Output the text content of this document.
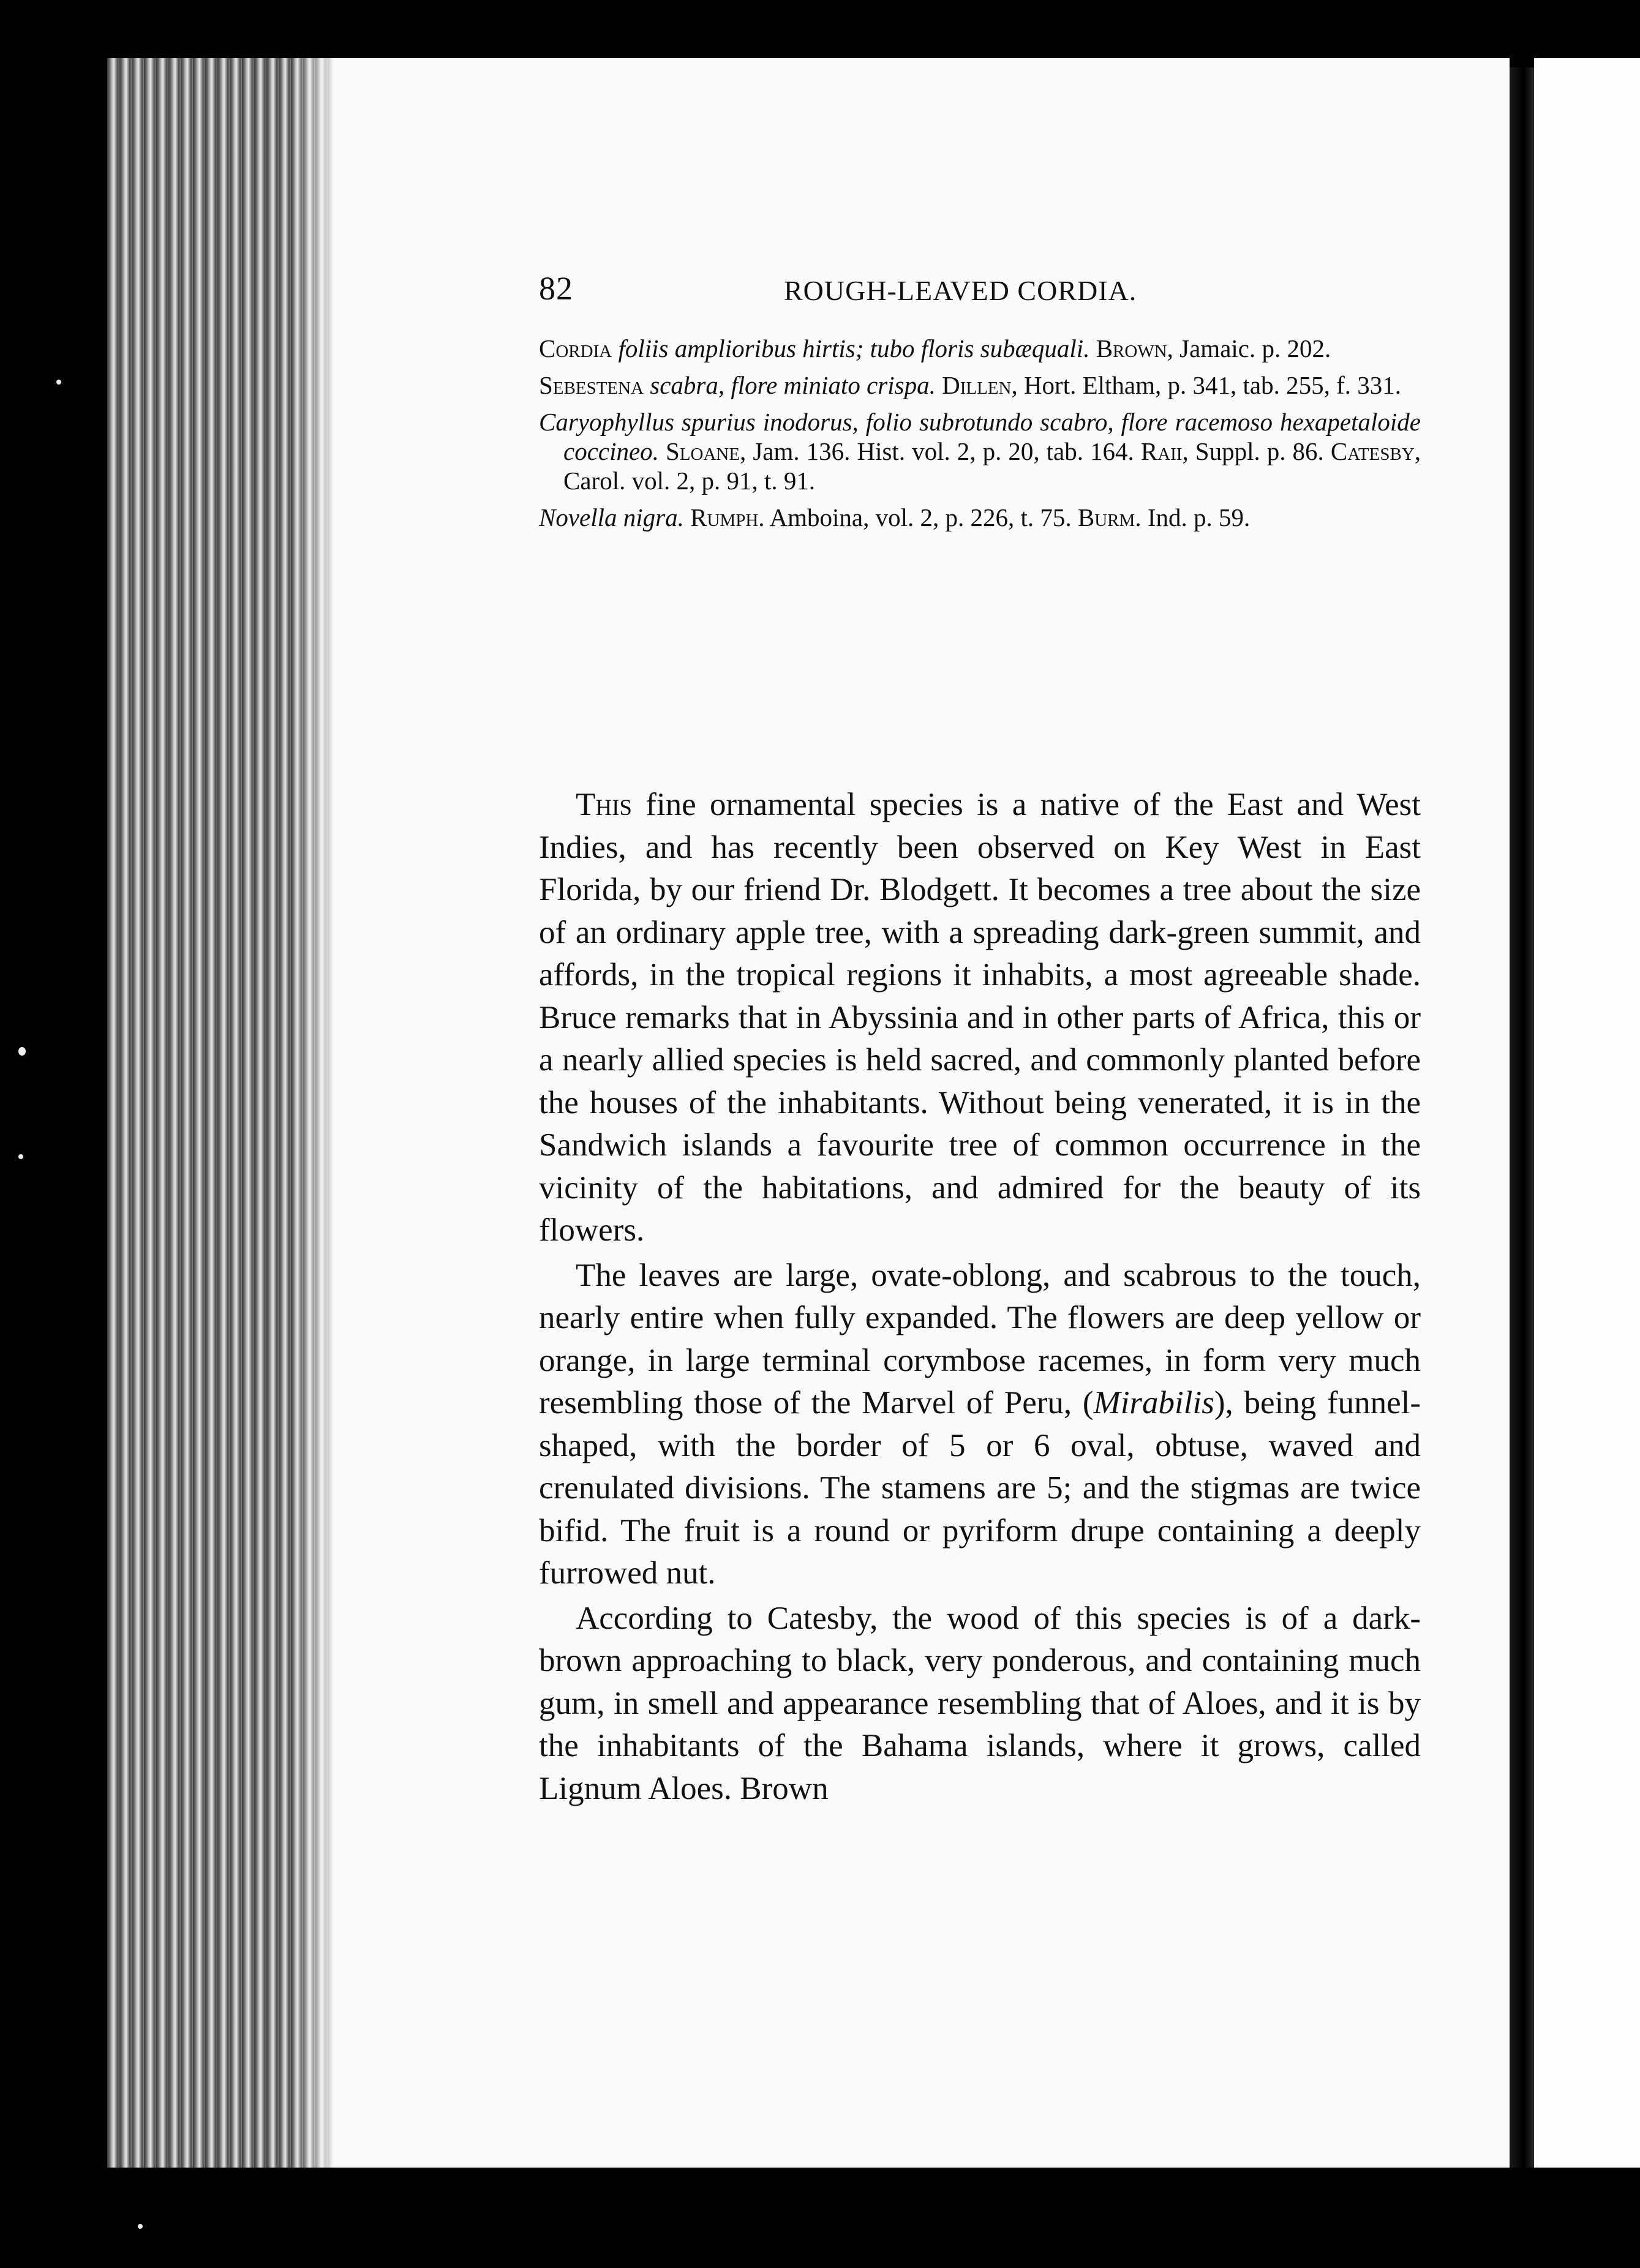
82	ROUGH-LEAVED CORDIA.
Cordia foliis amplioribus hirtis; tubo floris subæquali. Brown, Jamaic. p. 202.
Sebestena scabra, flore miniato crispa. Dillen, Hort. Eltham, p. 341, tab. 255, f. 331.
Caryophyllus spurius inodorus, folio subrotundo scabro, flore racemoso hexapetaloide coccineo. Sloane, Jam. 136. Hist. vol. 2, p. 20, tab. 164. Raii, Suppl. p. 86. Catesby, Carol. vol. 2, p. 91, t. 91.
Novella nigra. Rumph. Amboina, vol. 2, p. 226, t. 75. Burm. Ind. p. 59.

This fine ornamental species is a native of the East and West Indies, and has recently been observed on Key West in East Florida, by our friend Dr. Blodgett. It becomes a tree about the size of an ordinary apple tree, with a spreading dark-green summit, and affords, in the tropical regions it inhabits, a most agreeable shade. Bruce remarks that in Abyssinia and in other parts of Africa, this or a nearly allied species is held sacred, and commonly planted before the houses of the inhabitants. Without being venerated, it is in the Sandwich islands a favourite tree of common occurrence in the vicinity of the habitations, and admired for the beauty of its flowers.

The leaves are large, ovate-oblong, and scabrous to the touch, nearly entire when fully expanded. The flowers are deep yellow or orange, in large terminal corymbose racemes, in form very much resembling those of the Marvel of Peru, (Mirabilis), being funnel-shaped, with the border of 5 or 6 oval, obtuse, waved and crenulated divisions. The stamens are 5; and the stigmas are twice bifid. The fruit is a round or pyriform drupe containing a deeply furrowed nut.

According to Catesby, the wood of this species is of a dark-brown approaching to black, very ponderous, and containing much gum, in smell and appearance resembling that of Aloes, and it is by the inhabitants of the Bahama islands, where it grows, called Lignum Aloes. Brown
